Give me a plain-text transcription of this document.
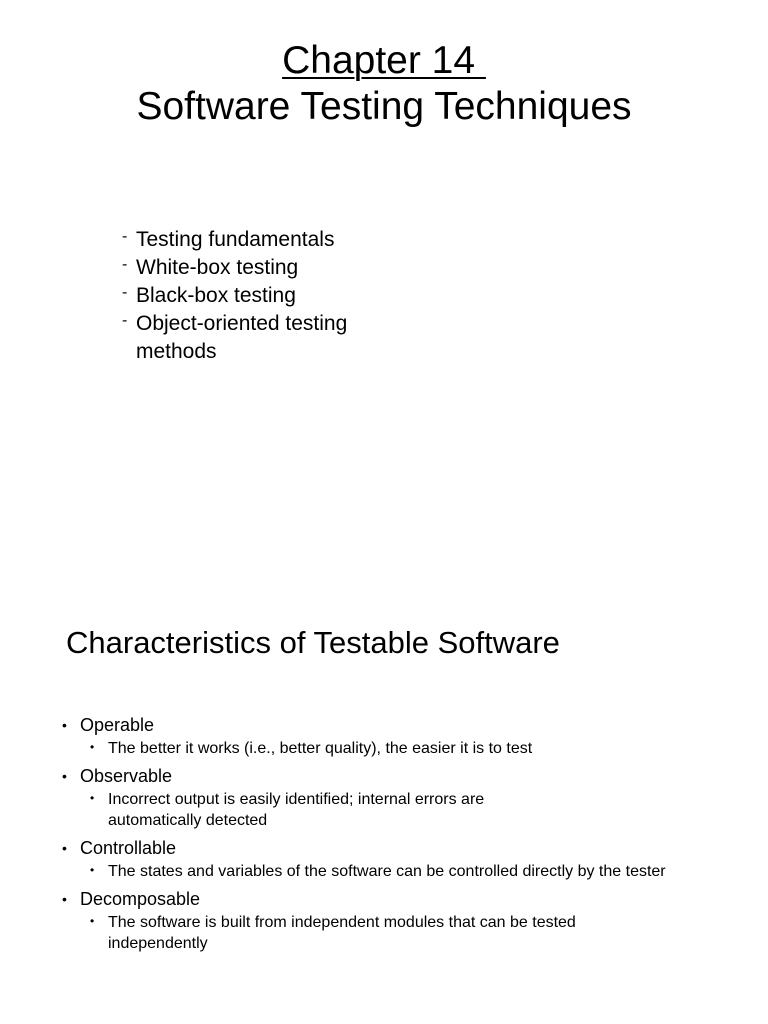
Chapter 14
Software Testing Techniques
- Testing fundamentals
- White-box testing
- Black-box testing
- Object-oriented testing methods
Characteristics of Testable Software
• Operable
• The better it works (i.e., better quality), the easier it is to test
• Observable
• Incorrect output is easily identified; internal errors are automatically detected
• Controllable
• The states and variables of the software can be controlled directly by the tester
• Decomposable
• The software is built from independent modules that can be tested independently
